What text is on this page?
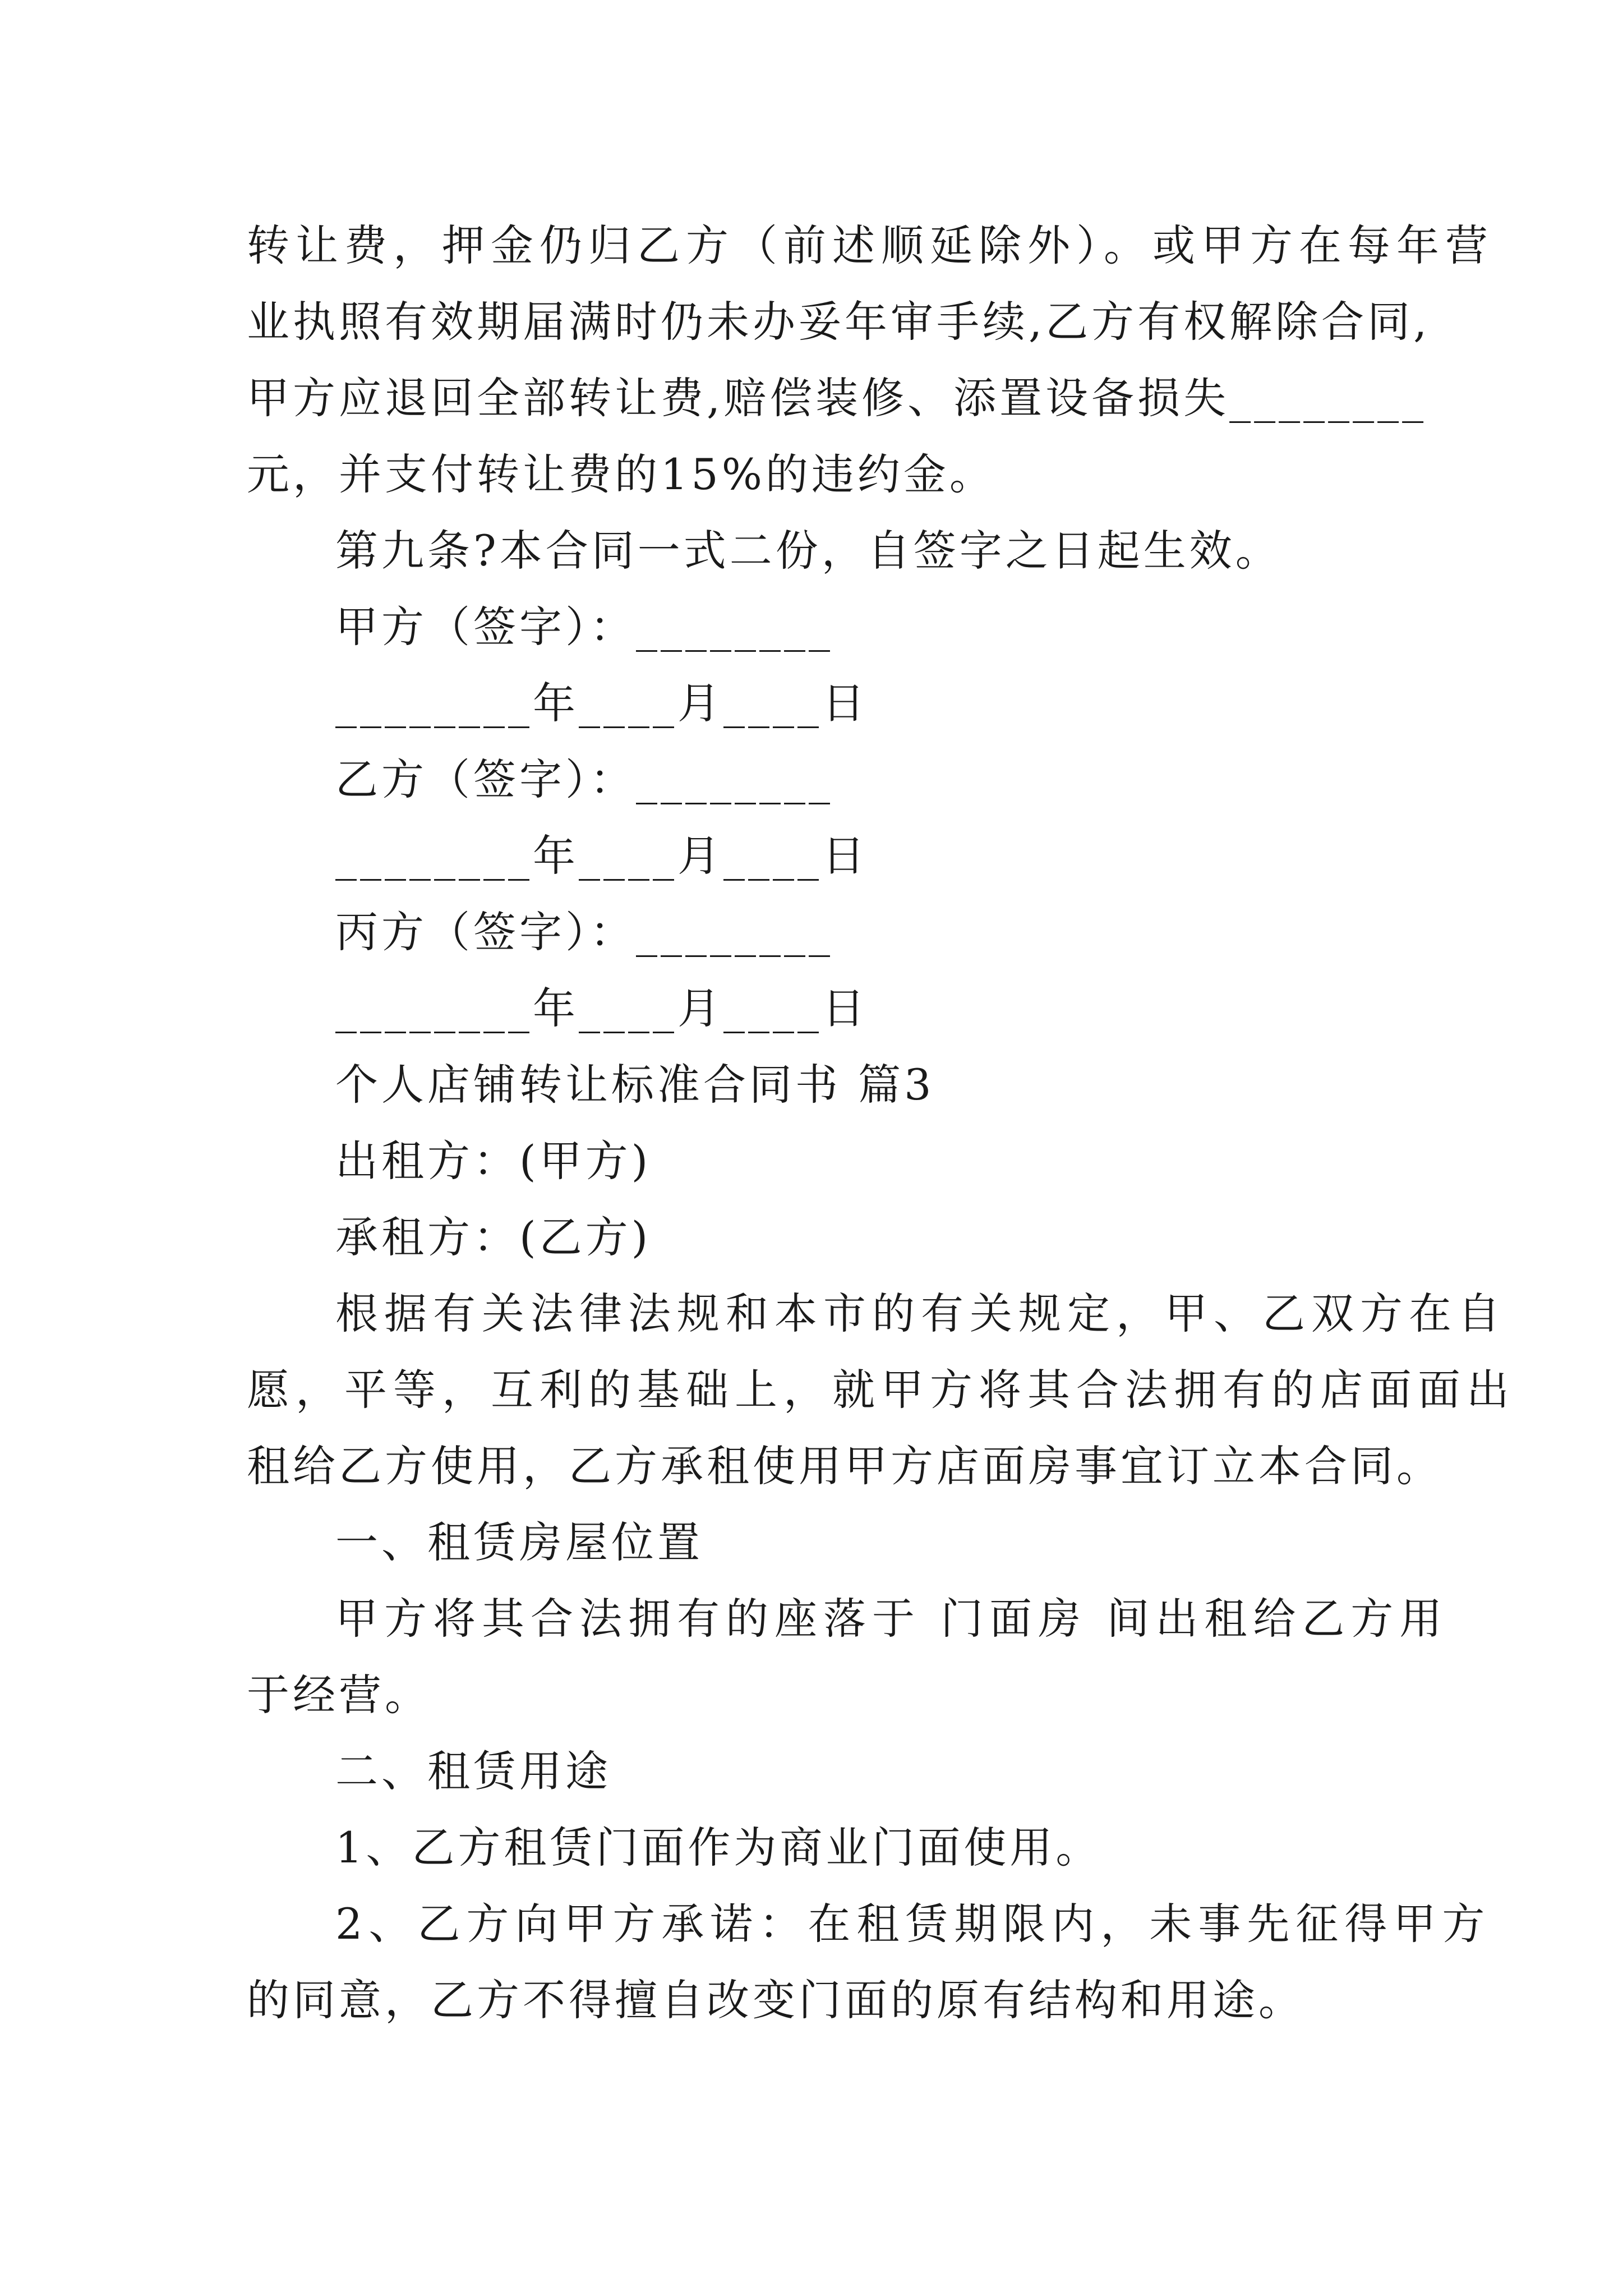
转让费，押金仍归乙方（前述顺延除外）。或甲方在每年营
业执照有效期届满时仍未办妥年审手续,乙方有权解除合同,
甲方应退回全部转让费,赔偿装修、添置设备损失________
元，并支付转让费的15%的违约金。
第九条?本合同一式二份，自签字之日起生效。
甲方（签字）：________
________年____月____日
乙方（签字）：________
________年____月____日
丙方（签字）：________
________年____月____日
个人店铺转让标准合同书 篇3
出租方：(甲方)
承租方：(乙方)
根据有关法律法规和本市的有关规定，甲、乙双方在自
愿，平等，互利的基础上，就甲方将其合法拥有的店面面出
租给乙方使用，乙方承租使用甲方店面房事宜订立本合同。
一、租赁房屋位置
甲方将其合法拥有的座落于 门面房 间出租给乙方用
于经营。
二、租赁用途
1、乙方租赁门面作为商业门面使用。
2、乙方向甲方承诺：在租赁期限内，未事先征得甲方
的同意，乙方不得擅自改变门面的原有结构和用途。
